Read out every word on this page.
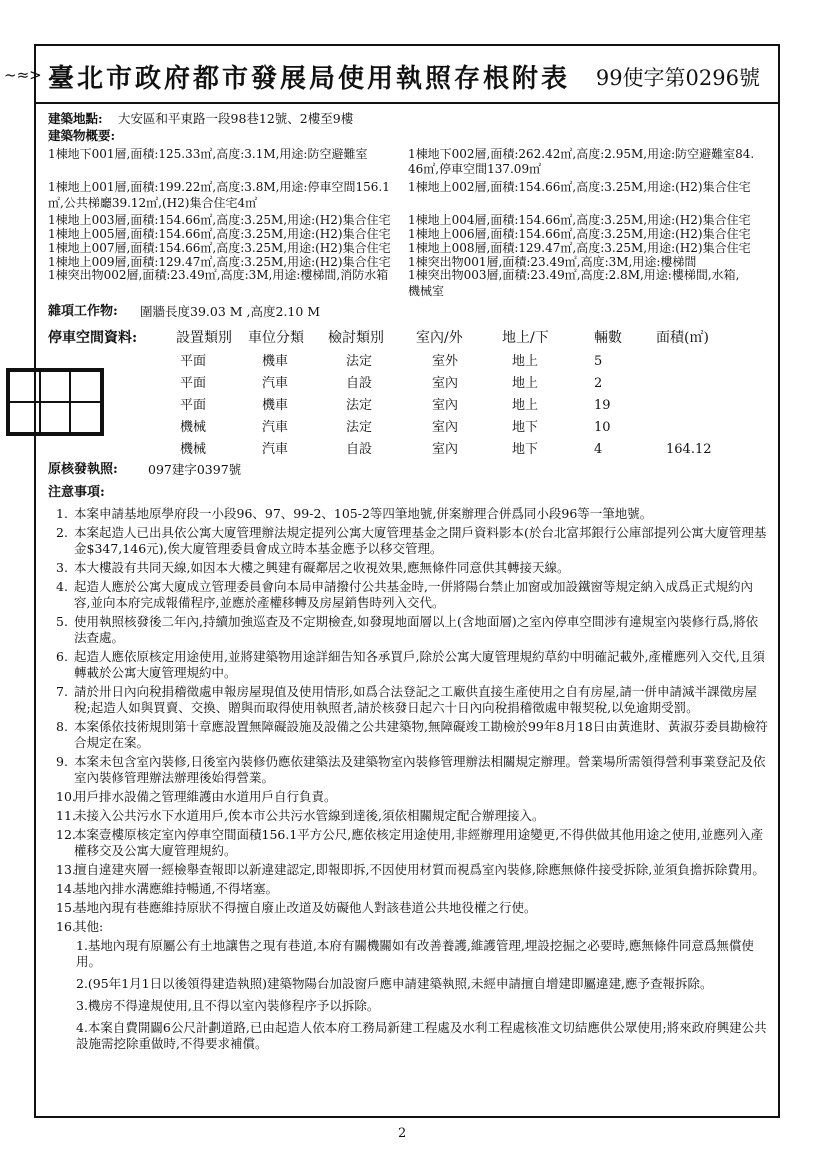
臺北市政府都市發展局使用執照存根附表 99使字第0296號
~≈>
建築地點: 大安區和平東路一段98巷12號、2樓至9樓
建築物概要:
1棟地下001層,面積:125.33㎡,高度:3.1M,用途:防空避難室	1棟地下002層,面積:262.42㎡,高度:2.95M,用途:防空避難室84.
46㎡,停車空間137.09㎡
1棟地上001層,面積:199.22㎡,高度:3.8M,用途:停車空間156.1 1棟地上002層,面積:154.66㎡,高度:3.25M,用途:(H2)集合住宅
㎡,公共梯廳39.12㎡,(H2)集合住宅4㎡
1棟地上003層,面積:154.66㎡,高度:3.25M,用途:(H2)集合住宅 1棟地上004層,面積:154.66㎡,高度:3.25M,用途:(H2)集合住宅
1棟地上005層,面積:154.66㎡,高度:3.25M,用途:(H2)集合住宅 1棟地上006層,面積:154.66㎡,高度:3.25M,用途:(H2)集合住宅
1棟地上007層,面積:154.66㎡,高度:3.25M,用途:(H2)集合住宅 1棟地上008層,面積:129.47㎡,高度:3.25M,用途:(H2)集合住宅
1棟地上009層,面積:129.47㎡,高度:3.25M,用途:(H2)集合住宅 1棟突出物001層,面積:23.49㎡,高度:3M,用途:樓梯間
1棟突出物002層,面積:23.49㎡,高度:3M,用途:樓梯間,消防水箱 1棟突出物003層,面積:23.49㎡,高度:2.8M,用途:樓梯間,水箱,
機械室
雜項工作物: 圍牆長度39.03 M ,高度2.10 M
停車空間資料:	設置類別 車位分類 檢討類別 室內/外	地上/下	輛數 面積(㎡)
平面	機車	法定	室外	地上	5
平面	汽車	自設	室內	地上	2
平面	機車	法定	室內	地上	19
機械	汽車	法定	室內	地下	10
機械	汽車	自設	室內	地下	4	164.12
原核發執照: 097建字0397號
注意事項:
1. 本案申請基地原學府段一小段96、97、99-2、105-2等四筆地號,併案辦理合併爲同小段96等一筆地號。
2. 本案起造人已出具依公寓大廈管理辦法規定提列公寓大廈管理基金之開戶資料影本(於台北富邦銀行公庫部提列公寓大廈管理基金$347,146元),俟大廈管理委員會成立時本基金應予以移交管理。
3. 本大樓設有共同天線,如因本大樓之興建有礙鄰居之收視效果,應無條件同意供其轉接天線。
4. 起造人應於公寓大廈成立管理委員會向本局申請撥付公共基金時,一併將陽台禁止加窗或加設鐵窗等規定納入成爲正式規約內容,並向本府完成報備程序,並應於產權移轉及房屋銷售時列入交代。
5. 使用執照核發後二年內,持續加強巡查及不定期檢查,如發現地面層以上(含地面層)之室內停車空間涉有違規室內裝修行爲,將依法查處。
6. 起造人應依原核定用途使用,並將建築物用途詳細告知各承買戶,除於公寓大廈管理規約草約中明確記載外,產權應列入交代,且須轉載於公寓大廈管理規約中。
7. 請於卅日內向稅捐稽徵處申報房屋現值及使用情形,如爲合法登記之工廠供直接生產使用之自有房屋,請一併申請減半課徵房屋稅;起造人如與買賣、交換、贈與而取得使用執照者,請於核發日起六十日內向稅捐稽徵處申報契稅,以免逾期受罰。
8. 本案係依技術規則第十章應設置無障礙設施及設備之公共建築物,無障礙竣工勘檢於99年8月18日由黃進財、黃淑芬委員勘檢符合規定在案。
9. 本案未包含室內裝修,日後室內裝修仍應依建築法及建築物室內裝修管理辦法相關規定辦理。營業場所需領得營利事業登記及依室內裝修管理辦法辦理後始得營業。
10.
用戶排水設備之管理維護由水道用戶自行負責。
11.
未接入公共污水下水道用戶,俟本市公共污水管線到達後,須依相關規定配合辦理接入。
12.
本案壹樓原核定室內停車空間面積156.1平方公尺,應依核定用途使用,非經辦理用途變更,不得供做其他用途之使用,並應列入產權移交及公寓大廈管理規約。
13.
擅自違建夾層一經檢舉查報即以新違建認定,即報即拆,不因使用材質而視爲室內裝修,除應無條件接受拆除,並須負擔拆除費用。
14.
基地內排水溝應維持暢通,不得堵塞。
15.
基地內現有巷應維持原狀不得擅自廢止改道及妨礙他人對該巷道公共地役權之行使。
16.
其他:
1.基地內現有原屬公有土地讓售之現有巷道,本府有關機關如有改善養護,維護管理,埋設挖掘之必要時,應無條件同意爲無償使用。
2.(95年1月1日以後領得建造執照)建築物陽台加設窗戶應申請建築執照,未經申請擅自增建即屬違建,應予查報拆除。
3.機房不得違規使用,且不得以室內裝修程序予以拆除。
4.本案自費開闢6公尺計劃道路,已由起造人依本府工務局新建工程處及水利工程處核准文切結應供公眾使用;將來政府興建公共設施需挖除重做時,不得要求補償。
2
